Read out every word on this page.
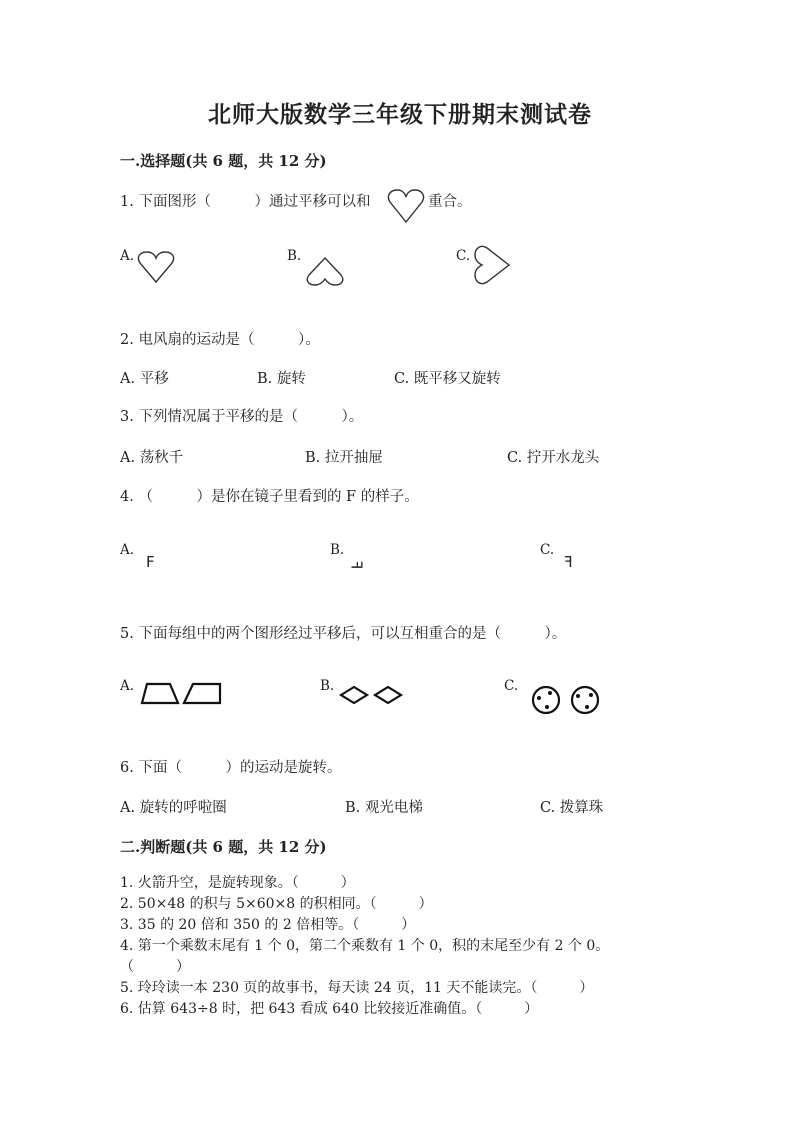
北师大版数学三年级下册期末测试卷
一.选择题(共 6 题，共 12 分)
1. 下面图形（　　　）通过平移可以和	重合。
A.	B.	C.
2. 电风扇的运动是（　　　）。
A. 平移	B. 旋转	C. 既平移又旋转
3. 下列情况属于平移的是（　　　）。
A. 荡秋千	B. 拉开抽屉	C. 拧开水龙头
4. （　　　）是你在镜子里看到的 F 的样子。
A.
F
B.
F
C.
F
5. 下面每组中的两个图形经过平移后，可以互相重合的是（　　　）。
A.	B.	C.
6. 下面（　　　）的运动是旋转。
A. 旋转的呼啦圈	B. 观光电梯	C. 拨算珠
二.判断题(共 6 题，共 12 分)
1. 火箭升空，是旋转现象。（　　　）
2. 50×48 的积与 5×60×8 的积相同。（　　　）
3. 35 的 20 倍和 350 的 2 倍相等。（　　　）
4. 第一个乘数末尾有 1 个 0，第二个乘数有 1 个 0，积的末尾至少有 2 个 0。
（　　　）
5. 玲玲读一本 230 页的故事书，每天读 24 页，11 天不能读完。（　　　）
6. 估算 643÷8 时，把 643 看成 640 比较接近准确值。（　　　）
